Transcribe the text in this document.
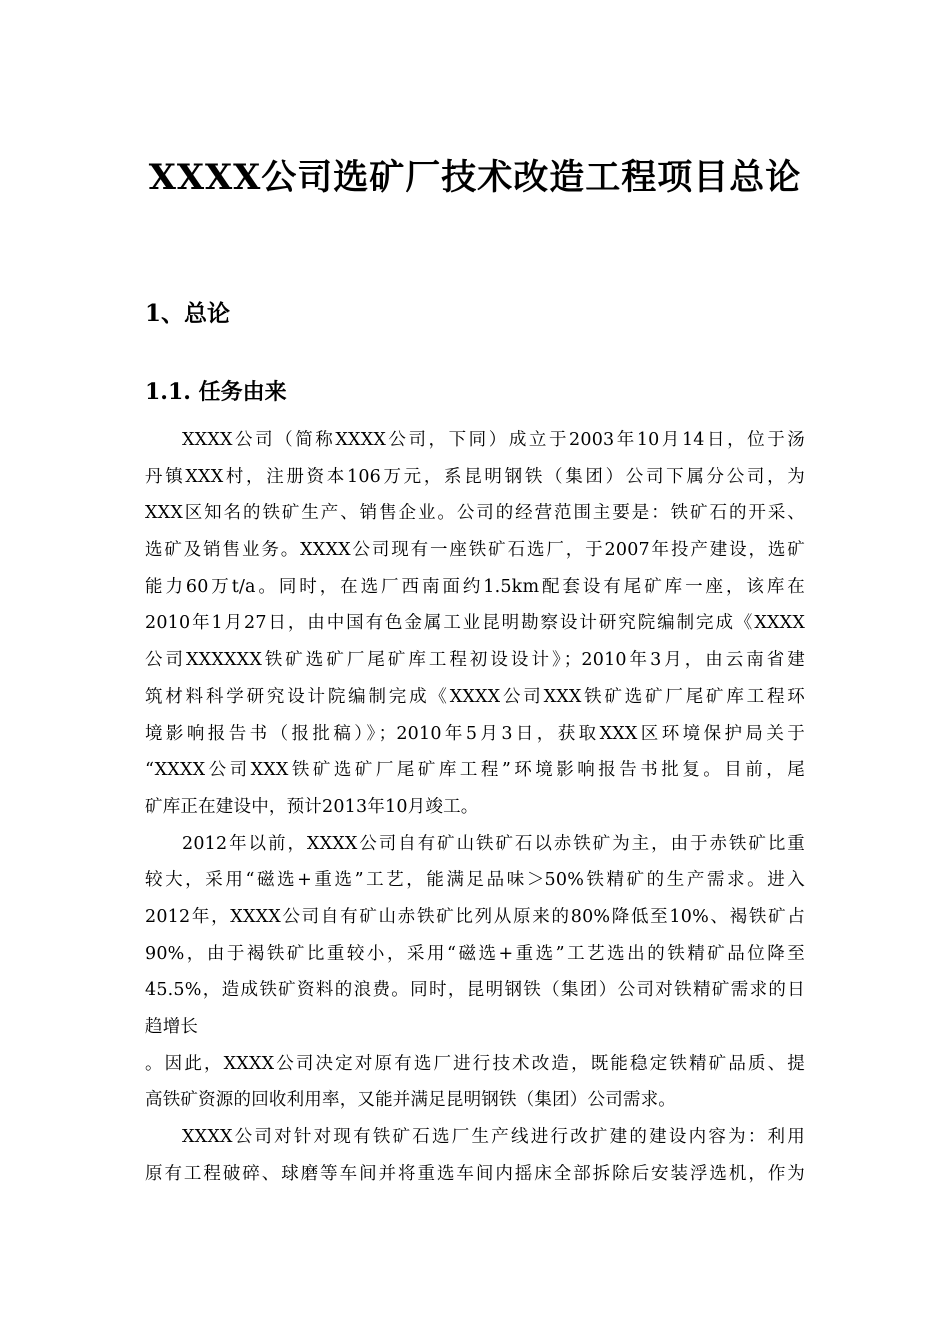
XXXX公司选矿厂技术改造工程项目总论
1、总论
1.1. 任务由来
XXXX公司（简称XXXX公司，下同）成立于2003年10月14日，位于汤
丹镇XXX村，注册资本106万元，系昆明钢铁（集团）公司下属分公司，为
XXX区知名的铁矿生产、销售企业。公司的经营范围主要是：铁矿石的开采、
选矿及销售业务。XXXX公司现有一座铁矿石选厂，于2007年投产建设，选矿
能力60万t/a。同时，在选厂西南面约1.5km配套设有尾矿库一座，该库在
2010年1月27日，由中国有色金属工业昆明勘察设计研究院编制完成《XXXX
公司XXXXXX铁矿选矿厂尾矿库工程初设设计》；2010年3月，由云南省建
筑材料科学研究设计院编制完成《XXXX公司XXX铁矿选矿厂尾矿库工程环
境影响报告书（报批稿）》；2010年5月3日，获取XXX区环境保护局关于
“XXXX公司XXX铁矿选矿厂尾矿库工程”环境影响报告书批复。目前，尾
矿库正在建设中，预计2013年10月竣工。
2012年以前，XXXX公司自有矿山铁矿石以赤铁矿为主，由于赤铁矿比重
较大，采用“磁选+重选”工艺，能满足品味＞50%铁精矿的生产需求。进入
2012年，XXXX公司自有矿山赤铁矿比列从原来的80%降低至10%、褐铁矿占
90%，由于褐铁矿比重较小，采用“磁选+重选”工艺选出的铁精矿品位降至
45.5%，造成铁矿资料的浪费。同时，昆明钢铁（集团）公司对铁精矿需求的日
趋增长
。因此，XXXX公司决定对原有选厂进行技术改造，既能稳定铁精矿品质、提
高铁矿资源的回收利用率，又能并满足昆明钢铁（集团）公司需求。
XXXX公司对针对现有铁矿石选厂生产线进行改扩建的建设内容为：利用
原有工程破碎、球磨等车间并将重选车间内摇床全部拆除后安装浮选机，作为
